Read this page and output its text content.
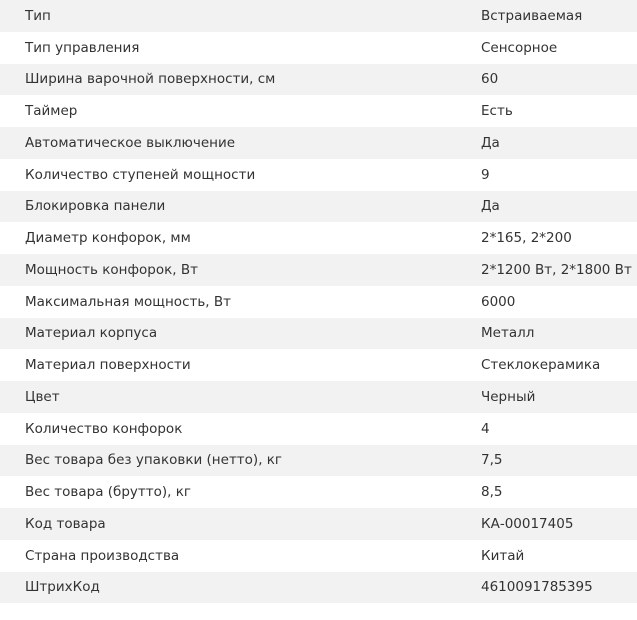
Тип	Встраиваемая
Тип управления	Сенсорное
Ширина варочной поверхности, см	60
Таймер	Есть
Автоматическое выключение	Да
Количество ступеней мощности	9
Блокировка панели	Да
Диаметр конфорок, мм	2*165, 2*200
Мощность конфорок, Вт	2*1200 Вт, 2*1800 Вт
Максимальная мощность, Вт	6000
Материал корпуса	Металл
Материал поверхности	Стеклокерамика
Цвет	Черный
Количество конфорок	4
Вес товара без упаковки (нетто), кг	7,5
Вес товара (брутто), кг	8,5
Код товара	КА-00017405
Страна производства	Китай
ШтрихКод	4610091785395
